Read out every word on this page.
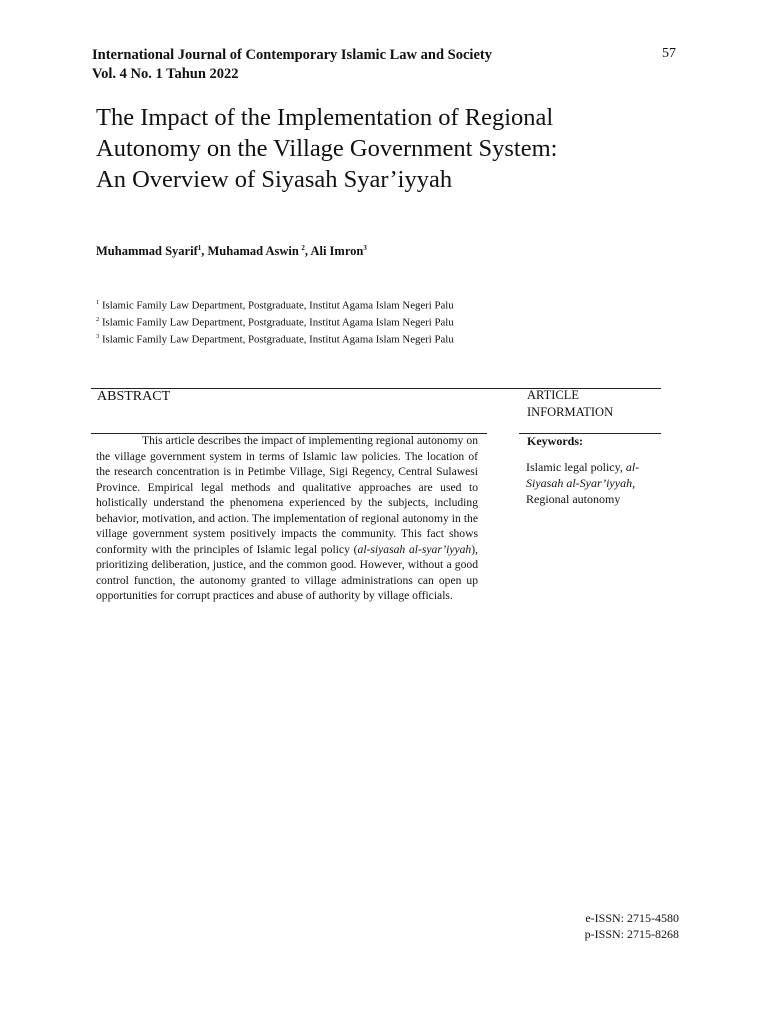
International Journal of Contemporary Islamic Law and Society
Vol. 4 No. 1 Tahun 2022
57
The Impact of the Implementation of Regional
Autonomy on the Village Government System:
An Overview of Siyasah Syar’iyyah
Muhammad Syarif$^1$, Muhamad Aswin  $^2$, Ali Imron$^3$
$^1$ Islamic Family Law Department, Postgraduate, Institut Agama Islam Negeri Palu
$^2$ Islamic Family Law Department, Postgraduate, Institut Agama Islam Negeri Palu
$^3$ Islamic Family Law Department, Postgraduate, Institut Agama Islam Negeri Palu
ABSTRACT	ARTICLE
INFORMATION

This article describes the impact of implementing regional autonomy on the village government system in terms of Islamic law policies. The location of the research concentration is in Petimbe Village, Sigi Regency, Central Sulawesi Province. Empirical legal methods and qualitative approaches are used to holistically understand the phenomena experienced by the subjects, including behavior, motivation, and action. The implementation of regional autonomy in the village government system positively impacts the community. This fact shows conformity with the principles of Islamic legal policy (al-siyasah al-syar’iyyah), prioritizing deliberation, justice, and the common good. However, without a good control function, the autonomy granted to village administrations can open up opportunities for corrupt practices and abuse of authority by village officials.

Keywords:
Islamic legal policy, al-Siyasah al-Syar’iyyah,
Regional autonomy
e-ISSN: 2715-4580
p-ISSN: 2715-8268
